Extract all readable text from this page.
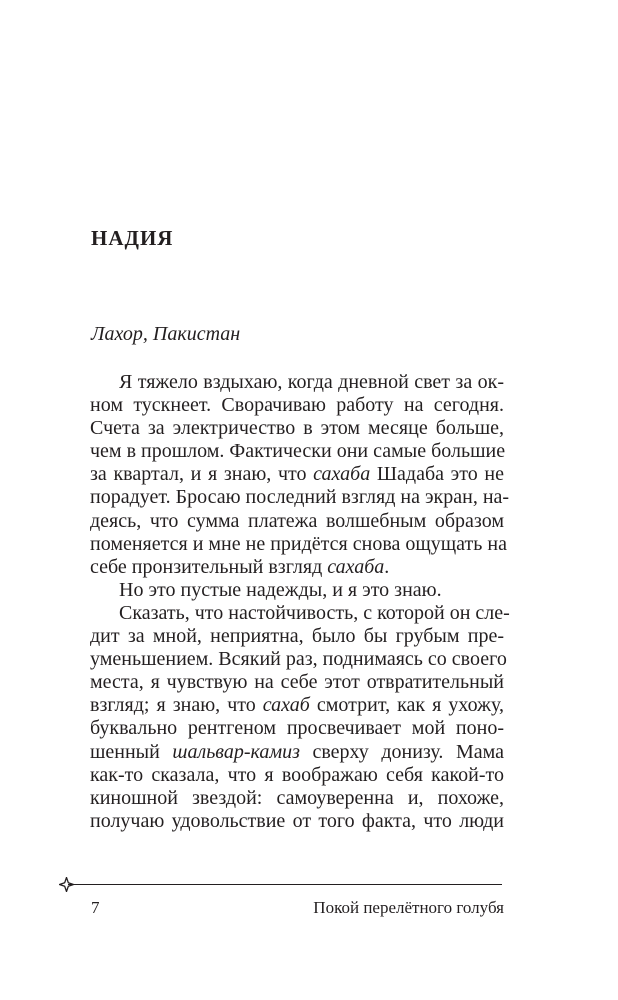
НАДИЯ

Лахор, Пакистан

Я тяжело вздыхаю, когда дневной свет за ок-
ном тускнеет. Сворачиваю работу на сегодня.
Счета за электричество в этом месяце больше,
чем в прошлом. Фактически они самые большие
за квартал, и я знаю, что сахаба Шадаба это не
порадует. Бросаю последний взгляд на экран, на-
деясь, что сумма платежа волшебным образом
поменяется и мне не придётся снова ощущать на
себе пронзительный взгляд сахаба.
Но это пустые надежды, и я это знаю.
Сказать, что настойчивость, с которой он сле-
дит за мной, неприятна, было бы грубым пре-
уменьшением. Всякий раз, поднимаясь со своего
места, я чувствую на себе этот отвратительный
взгляд; я знаю, что сахаб смотрит, как я ухожу,
буквально рентгеном просвечивает мой поно-
шенный шальвар-камиз сверху донизу. Мама
как-то сказала, что я воображаю себя какой-то
киношной звездой: самоуверенна и, похоже,
получаю удовольствие от того факта, что люди
7	Покой перелётного голубя
